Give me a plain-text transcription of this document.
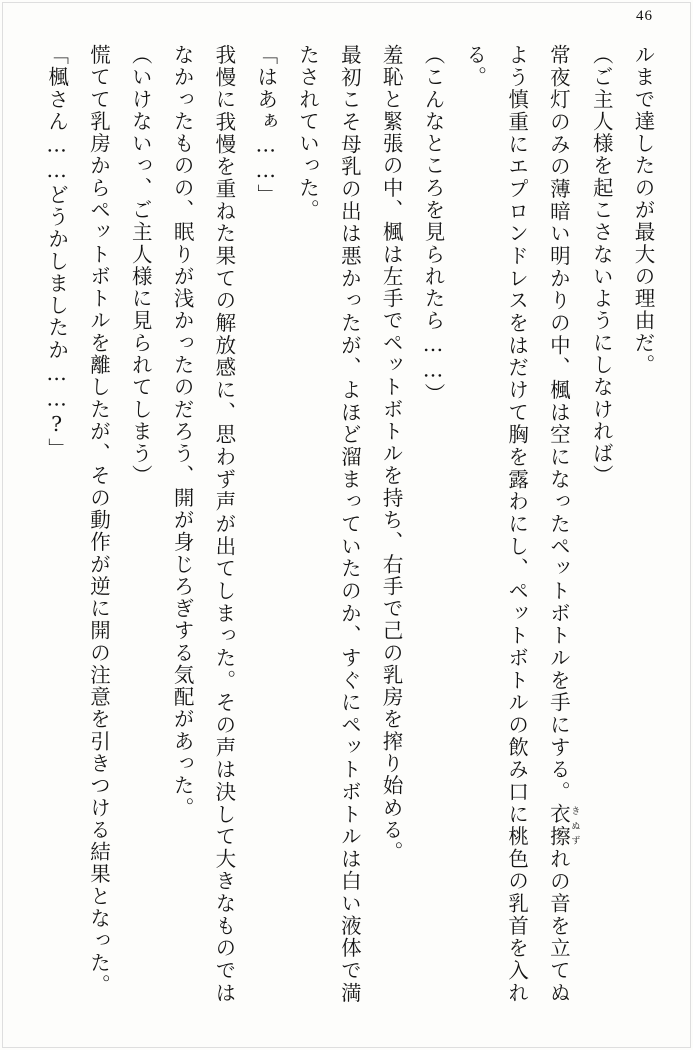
46

ルまで達したのが最大の理由だ。

（ご主人様を起こさないようにしなければ）

常夜灯のみの薄暗い明かりの中、楓は空になったペットボトルを手にする。衣擦 きぬずれの音を立てぬよう慎重にエプロンドレスをはだけて胸を露わにし、ペットボトルの飲み口に桃色の乳首を入れる。

（こんなところを見られたら……）

羞恥と緊張の中、楓は左手でペットボトルを持ち、右手で己の乳房を搾り始める。

最初こそ母乳の出は悪かったが、よほど溜まっていたのか、すぐにペットボトルは白い液体で満たされていった。

「はあぁ……」

我慢に我慢を重ねた果ての解放感に、思わず声が出てしまった。その声は決して大きなものではなかったものの、眠りが浅かったのだろう、開が身じろぎする気配があった。

（いけないっ、ご主人様に見られてしまう）

慌てて乳房からペットボトルを離したが、その動作が逆に開の注意を引きつける結果となった。

「楓さん……どうかしましたか……?」
